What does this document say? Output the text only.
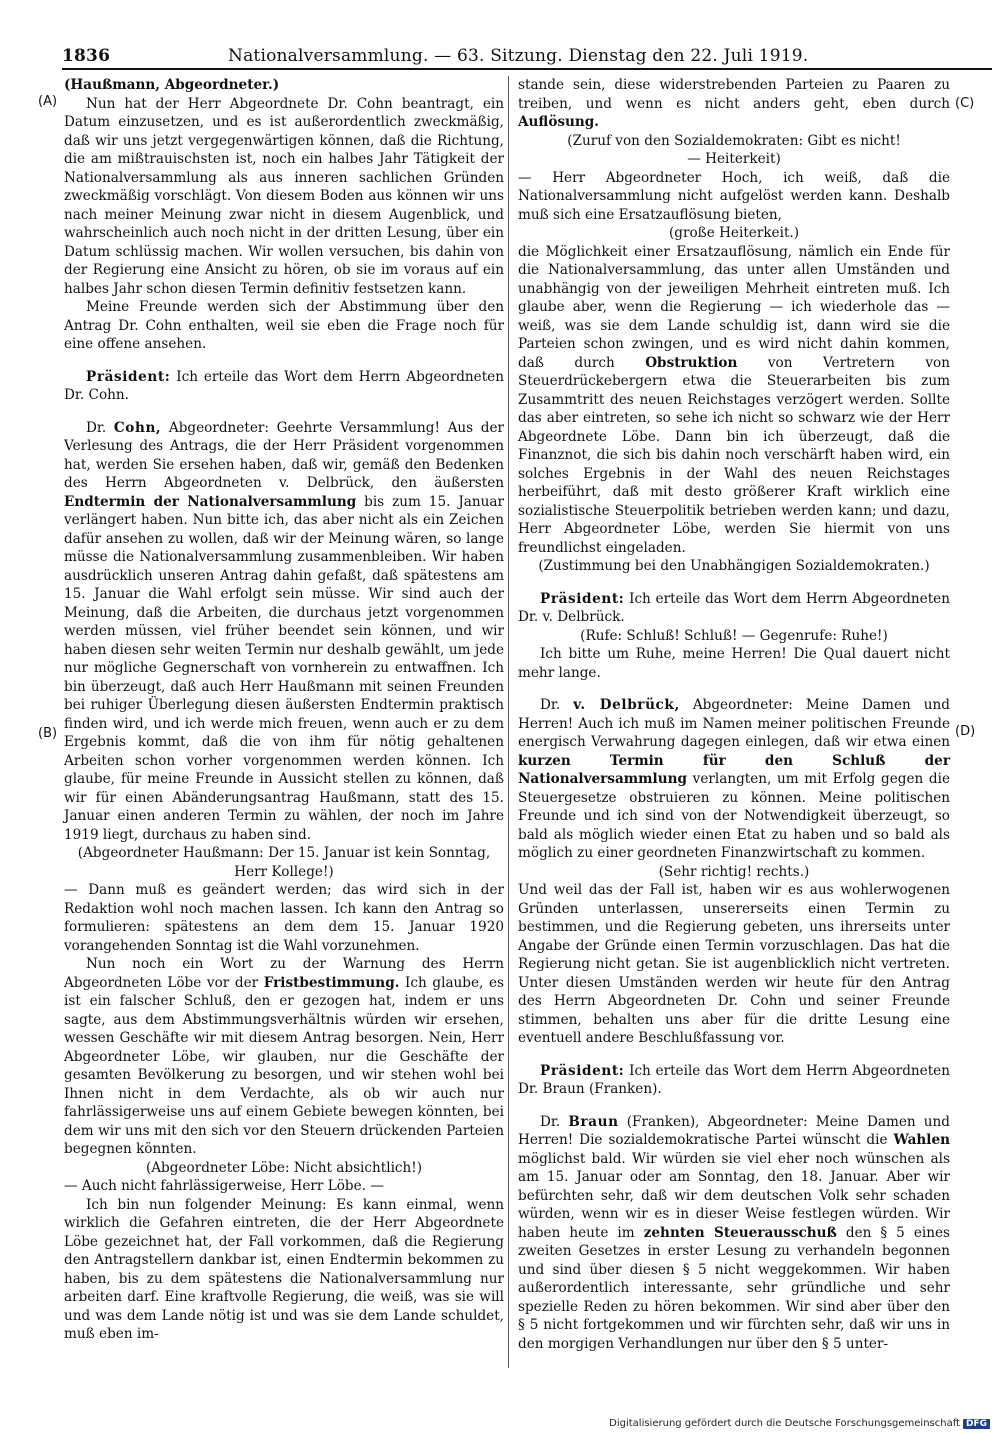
1836	Nationalversammlung. — 63. Sitzung. Dienstag den 22. Juli 1919.
(A)
(B)
(C)
(D)

(Haußmann, Abgeordneter.)

Nun hat der Herr Abgeordnete Dr. Cohn beantragt, ein Datum einzusetzen, und es ist außerordentlich zweckmäßig, daß wir uns jetzt vergegenwärtigen können, daß die Richtung, die am mißtrauischsten ist, noch ein halbes Jahr Tätigkeit der Nationalversammlung als aus inneren sachlichen Gründen zweckmäßig vorschlägt. Von diesem Boden aus können wir uns nach meiner Meinung zwar nicht in diesem Augenblick, und wahrscheinlich auch noch nicht in der dritten Lesung, über ein Datum schlüssig machen. Wir wollen versuchen, bis dahin von der Regierung eine Ansicht zu hören, ob sie im voraus auf ein halbes Jahr schon diesen Termin definitiv festsetzen kann.

Meine Freunde werden sich der Abstimmung über den Antrag Dr. Cohn enthalten, weil sie eben die Frage noch für eine offene ansehen.

Präsident: Ich erteile das Wort dem Herrn Abgeordneten Dr. Cohn.

Dr. Cohn, Abgeordneter: Geehrte Versammlung! Aus der Verlesung des Antrags, die der Herr Präsident vorgenommen hat, werden Sie ersehen haben, daß wir, gemäß den Bedenken des Herrn Abgeordneten v. Delbrück, den äußersten Endtermin der Nationalversammlung bis zum 15. Januar verlängert haben. Nun bitte ich, das aber nicht als ein Zeichen dafür ansehen zu wollen, daß wir der Meinung wären, so lange müsse die Nationalversammlung zusammenbleiben. Wir haben ausdrücklich unseren Antrag dahin gefaßt, daß spätestens am 15. Januar die Wahl erfolgt sein müsse. Wir sind auch der Meinung, daß die Arbeiten, die durchaus jetzt vorgenommen werden müssen, viel früher beendet sein können, und wir haben diesen sehr weiten Termin nur deshalb gewählt, um jede nur mögliche Gegnerschaft von vornherein zu entwaffnen. Ich bin überzeugt, daß auch Herr Haußmann mit seinen Freunden bei ruhiger Überlegung diesen äußersten Endtermin praktisch finden wird, und ich werde mich freuen, wenn auch er zu dem Ergebnis kommt, daß die von ihm für nötig gehaltenen Arbeiten schon vorher vorgenommen werden können. Ich glaube, für meine Freunde in Aussicht stellen zu können, daß wir für einen Abänderungsantrag Haußmann, statt des 15. Januar einen anderen Termin zu wählen, der noch im Jahre 1919 liegt, durchaus zu haben sind.

(Abgeordneter Haußmann: Der 15. Januar ist kein Sonntag, Herr Kollege!)

— Dann muß es geändert werden; das wird sich in der Redaktion wohl noch machen lassen. Ich kann den Antrag so formulieren: spätestens an dem dem 15. Januar 1920 vorangehenden Sonntag ist die Wahl vorzunehmen.

Nun noch ein Wort zu der Warnung des Herrn Abgeordneten Löbe vor der Fristbestimmung. Ich glaube, es ist ein falscher Schluß, den er gezogen hat, indem er uns sagte, aus dem Abstimmungsverhältnis würden wir ersehen, wessen Geschäfte wir mit diesem Antrag besorgen. Nein, Herr Abgeordneter Löbe, wir glauben, nur die Geschäfte der gesamten Bevölkerung zu besorgen, und wir stehen wohl bei Ihnen nicht in dem Verdachte, als ob wir auch nur fahrlässigerweise uns auf einem Gebiete bewegen könnten, bei dem wir uns mit den sich vor den Steuern drückenden Parteien begegnen könnten.

(Abgeordneter Löbe: Nicht absichtlich!)

— Auch nicht fahrlässigerweise, Herr Löbe. —

Ich bin nun folgender Meinung: Es kann einmal, wenn wirklich die Gefahren eintreten, die der Herr Abgeordnete Löbe gezeichnet hat, der Fall vorkommen, daß die Regierung den Antragstellern dankbar ist, einen Endtermin bekommen zu haben, bis zu dem spätestens die Nationalversammlung nur arbeiten darf. Eine kraftvolle Regierung, die weiß, was sie will und was dem Lande nötig ist und was sie dem Lande schuldet, muß eben im-

stande sein, diese widerstrebenden Parteien zu Paaren zu treiben, und wenn es nicht anders geht, eben durch Auflösung.

(Zuruf von den Sozialdemokraten: Gibt es nicht!

— Heiterkeit)

— Herr Abgeordneter Hoch, ich weiß, daß die Nationalversammlung nicht aufgelöst werden kann. Deshalb muß sich eine Ersatzauflösung bieten,

(große Heiterkeit.)

die Möglichkeit einer Ersatzauflösung, nämlich ein Ende für die Nationalversammlung, das unter allen Umständen und unabhängig von der jeweiligen Mehrheit eintreten muß. Ich glaube aber, wenn die Regierung — ich wiederhole das — weiß, was sie dem Lande schuldig ist, dann wird sie die Parteien schon zwingen, und es wird nicht dahin kommen, daß durch Obstruktion von Vertretern von Steuerdrückebergern etwa die Steuerarbeiten bis zum Zusammtritt des neuen Reichstages verzögert werden. Sollte das aber eintreten, so sehe ich nicht so schwarz wie der Herr Abgeordnete Löbe. Dann bin ich überzeugt, daß die Finanznot, die sich bis dahin noch verschärft haben wird, ein solches Ergebnis in der Wahl des neuen Reichstages herbeiführt, daß mit desto größerer Kraft wirklich eine sozialistische Steuerpolitik betrieben werden kann; und dazu, Herr Abgeordneter Löbe, werden Sie hiermit von uns freundlichst eingeladen.

(Zustimmung bei den Unabhängigen Sozialdemokraten.)

Präsident: Ich erteile das Wort dem Herrn Abgeordneten Dr. v. Delbrück.

(Rufe: Schluß! Schluß! — Gegenrufe: Ruhe!)

Ich bitte um Ruhe, meine Herren! Die Qual dauert nicht mehr lange.

Dr. v. Delbrück, Abgeordneter: Meine Damen und Herren! Auch ich muß im Namen meiner politischen Freunde energisch Verwahrung dagegen einlegen, daß wir etwa einen kurzen Termin für den Schluß der Nationalversammlung verlangten, um mit Erfolg gegen die Steuergesetze obstruieren zu können. Meine politischen Freunde und ich sind von der Notwendigkeit überzeugt, so bald als möglich wieder einen Etat zu haben und so bald als möglich zu einer geordneten Finanzwirtschaft zu kommen.

(Sehr richtig! rechts.)

Und weil das der Fall ist, haben wir es aus wohlerwogenen Gründen unterlassen, unsererseits einen Termin zu bestimmen, und die Regierung gebeten, uns ihrerseits unter Angabe der Gründe einen Termin vorzuschlagen. Das hat die Regierung nicht getan. Sie ist augenblicklich nicht vertreten. Unter diesen Umständen werden wir heute für den Antrag des Herrn Abgeordneten Dr. Cohn und seiner Freunde stimmen, behalten uns aber für die dritte Lesung eine eventuell andere Beschlußfassung vor.

Präsident: Ich erteile das Wort dem Herrn Abgeordneten Dr. Braun (Franken).

Dr. Braun (Franken), Abgeordneter: Meine Damen und Herren! Die sozialdemokratische Partei wünscht die Wahlen möglichst bald. Wir würden sie viel eher noch wünschen als am 15. Januar oder am Sonntag, den 18. Januar. Aber wir befürchten sehr, daß wir dem deutschen Volk sehr schaden würden, wenn wir es in dieser Weise festlegen würden. Wir haben heute im zehnten Steuerausschuß den § 5 eines zweiten Gesetzes in erster Lesung zu verhandeln begonnen und sind über diesen § 5 nicht weggekommen. Wir haben außerordentlich interessante, sehr gründliche und sehr spezielle Reden zu hören bekommen. Wir sind aber über den § 5 nicht fortgekommen und wir fürchten sehr, daß wir uns in den morgigen Verhandlungen nur über den § 5 unter-

Digitalisierung gefördert durch die Deutsche Forschungsgemeinschaft DFG
